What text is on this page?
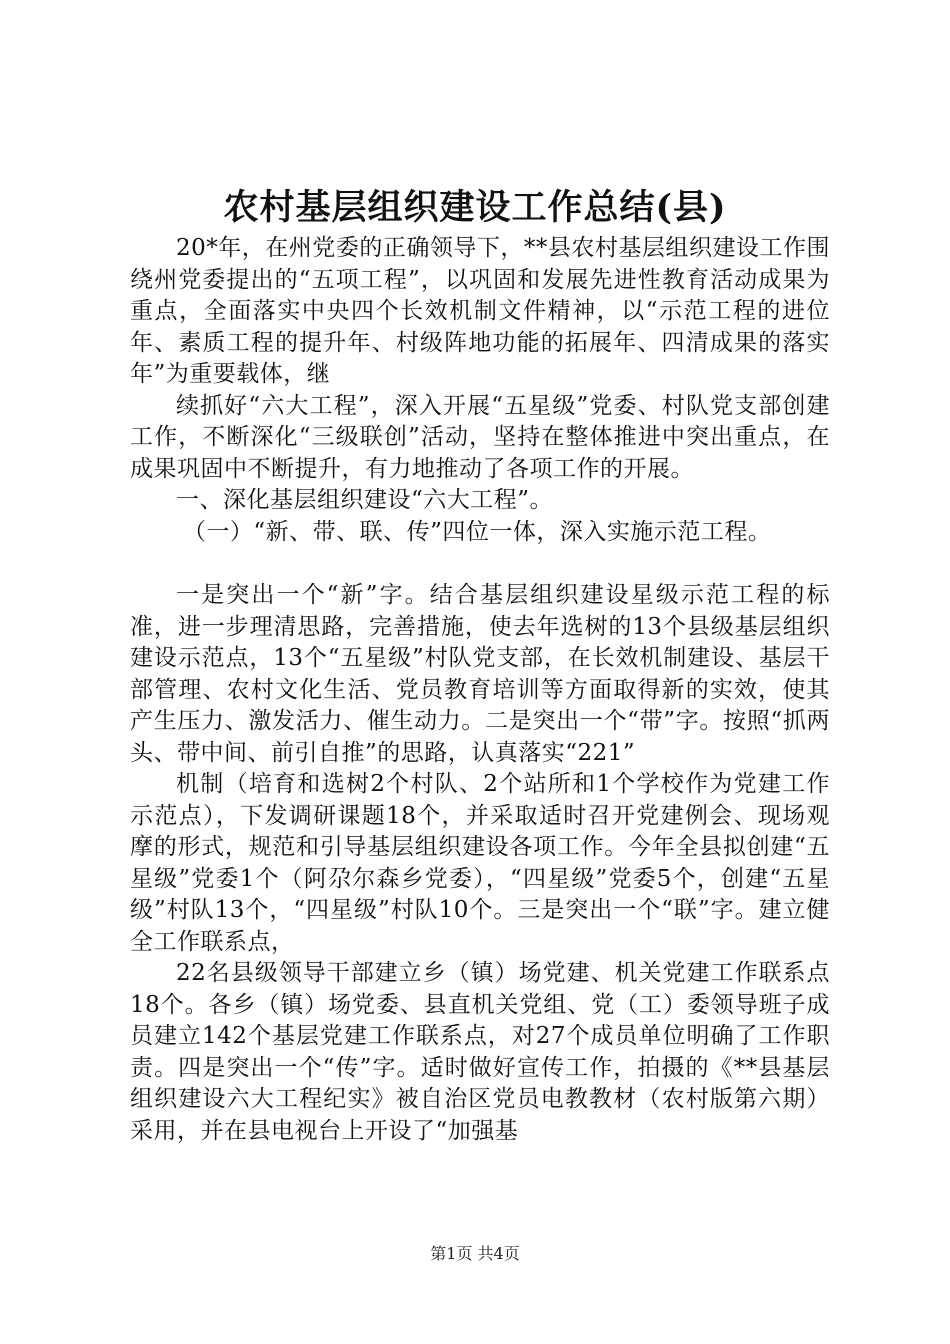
农村基层组织建设工作总结(县)

20*年，在州党委的正确领导下，**县农村基层组织建设工作围绕州党委提出的“五项工程”，以巩固和发展先进性教育活动成果为重点，全面落实中央四个长效机制文件精神，以“示范工程的进位年、素质工程的提升年、村级阵地功能的拓展年、四清成果的落实年”为重要载体，继

续抓好“六大工程”，深入开展“五星级”党委、村队党支部创建工作，不断深化“三级联创”活动，坚持在整体推进中突出重点，在成果巩固中不断提升，有力地推动了各项工作的开展。

一、深化基层组织建设“六大工程”。

（一）“新、带、联、传”四位一体，深入实施示范工程。

一是突出一个“新”字。结合基层组织建设星级示范工程的标准，进一步理清思路，完善措施，使去年选树的13个县级基层组织建设示范点，13个“五星级”村队党支部，在长效机制建设、基层干部管理、农村文化生活、党员教育培训等方面取得新的实效，使其产生压力、激发活力、催生动力。二是突出一个“带”字。按照“抓两头、带中间、前引自推”的思路，认真落实“221”

机制（培育和选树2个村队、2个站所和1个学校作为党建工作示范点），下发调研课题18个，并采取适时召开党建例会、现场观摩的形式，规范和引导基层组织建设各项工作。今年全县拟创建“五星级”党委1个（阿尕尔森乡党委），“四星级”党委5个，创建“五星级”村队13个，“四星级”村队10个。三是突出一个“联”字。建立健全工作联系点，

22名县级领导干部建立乡（镇）场党建、机关党建工作联系点18个。各乡（镇）场党委、县直机关党组、党（工）委领导班子成员建立142个基层党建工作联系点，对27个成员单位明确了工作职责。四是突出一个“传”字。适时做好宣传工作，拍摄的《**县基层组织建设六大工程纪实》被自治区党员电教教材（农村版第六期）采用，并在县电视台上开设了“加强基

第1页 共4页
